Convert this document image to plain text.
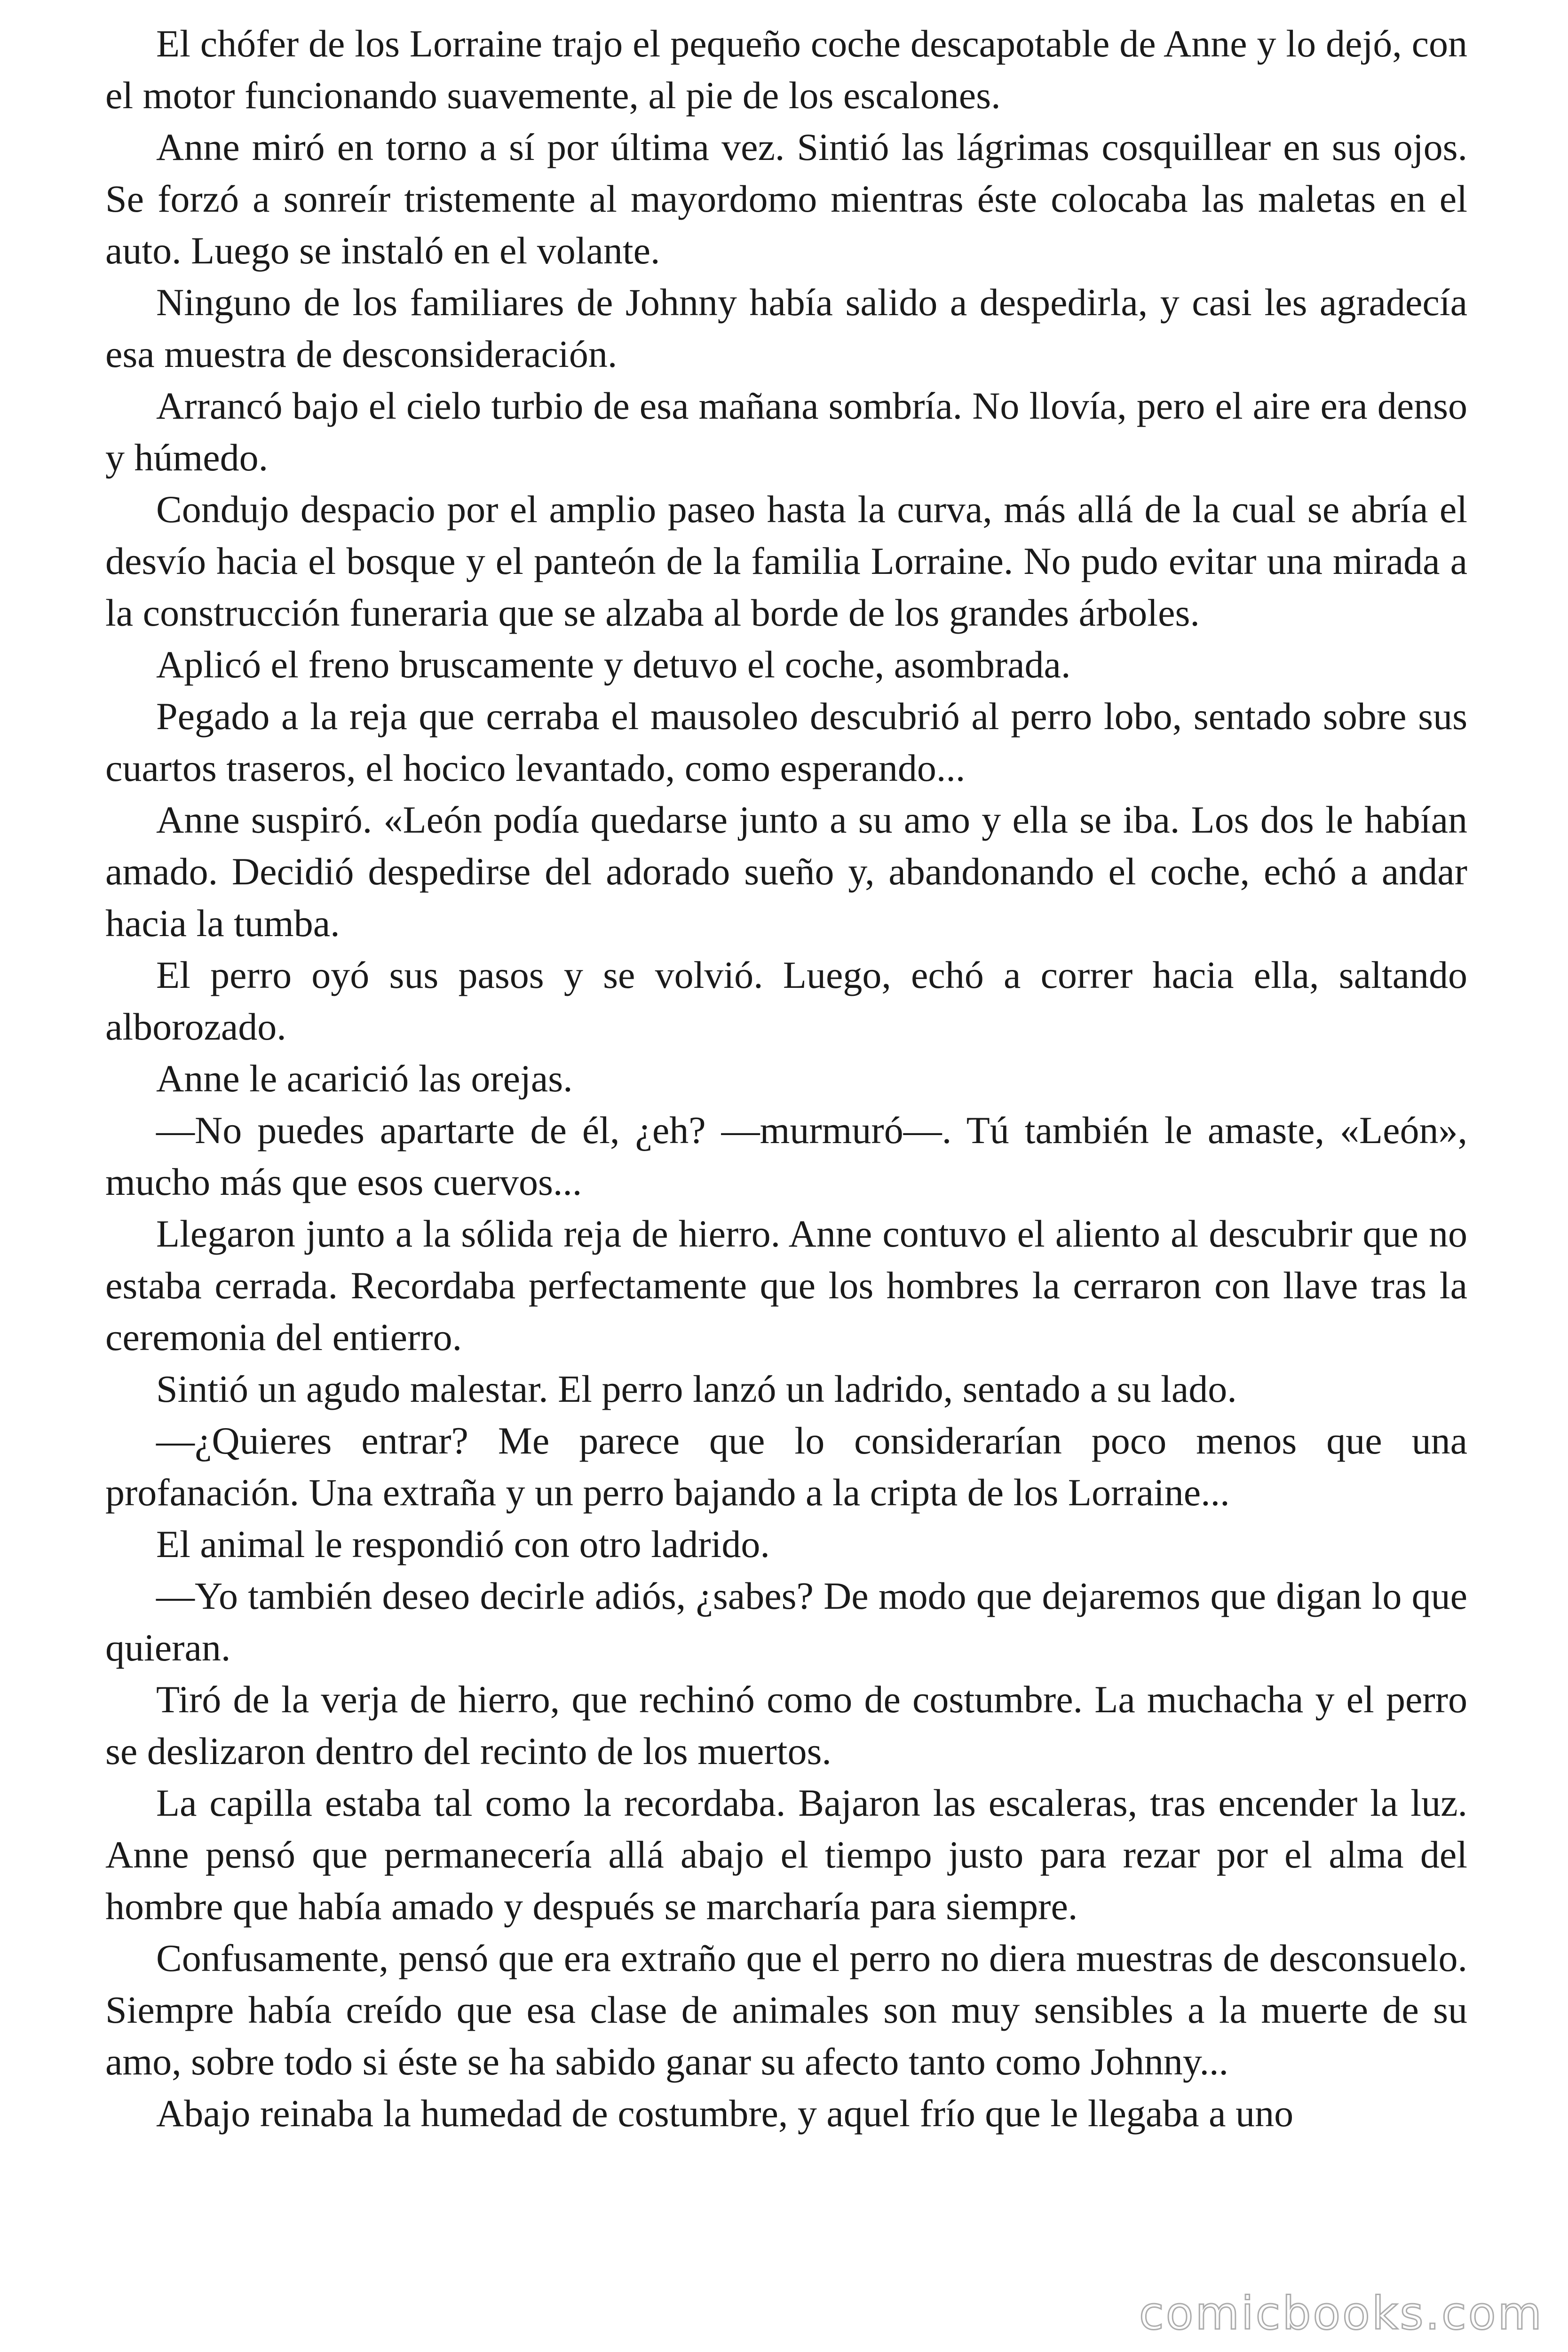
El chófer de los Lorraine trajo el pequeño coche descapotable de Anne y lo dejó, con el motor funcionando suavemente, al pie de los escalones.

Anne miró en torno a sí por última vez. Sintió las lágrimas cosquillear en sus ojos. Se forzó a sonreír tristemente al mayordomo mientras éste colocaba las maletas en el auto. Luego se instaló en el volante.

Ninguno de los familiares de Johnny había salido a despedirla, y casi les agradecía esa muestra de desconsideración.

Arrancó bajo el cielo turbio de esa mañana sombría. No llovía, pero el aire era denso y húmedo.

Condujo despacio por el amplio paseo hasta la curva, más allá de la cual se abría el desvío hacia el bosque y el panteón de la familia Lorraine. No pudo evitar una mirada a la construcción funeraria que se alzaba al borde de los grandes árboles.

Aplicó el freno bruscamente y detuvo el coche, asombrada.

Pegado a la reja que cerraba el mausoleo descubrió al perro lobo, sentado sobre sus cuartos traseros, el hocico levantado, como esperando...

Anne suspiró. «León podía quedarse junto a su amo y ella se iba. Los dos le habían amado. Decidió despedirse del adorado sueño y, abandonando el coche, echó a andar hacia la tumba.

El perro oyó sus pasos y se volvió. Luego, echó a correr hacia ella, saltando alborozado.

Anne le acarició las orejas.

—No puedes apartarte de él, ¿eh? —murmuró—. Tú también le amaste, «León», mucho más que esos cuervos...

Llegaron junto a la sólida reja de hierro. Anne contuvo el aliento al descubrir que no estaba cerrada. Recordaba perfectamente que los hombres la cerraron con llave tras la ceremonia del entierro.

Sintió un agudo malestar. El perro lanzó un ladrido, sentado a su lado.

—¿Quieres entrar? Me parece que lo considerarían poco menos que una profanación. Una extraña y un perro bajando a la cripta de los Lorraine...

El animal le respondió con otro ladrido.

—Yo también deseo decirle adiós, ¿sabes? De modo que dejaremos que digan lo que quieran.

Tiró de la verja de hierro, que rechinó como de costumbre. La muchacha y el perro se deslizaron dentro del recinto de los muertos.

La capilla estaba tal como la recordaba. Bajaron las escaleras, tras encender la luz. Anne pensó que permanecería allá abajo el tiempo justo para rezar por el alma del hombre que había amado y después se marcharía para siempre.

Confusamente, pensó que era extraño que el perro no diera muestras de desconsuelo. Siempre había creído que esa clase de animales son muy sensibles a la muerte de su amo, sobre todo si éste se ha sabido ganar su afecto tanto como Johnny...

Abajo reinaba la humedad de costumbre, y aquel frío que le llegaba a uno

comicbooks.com
